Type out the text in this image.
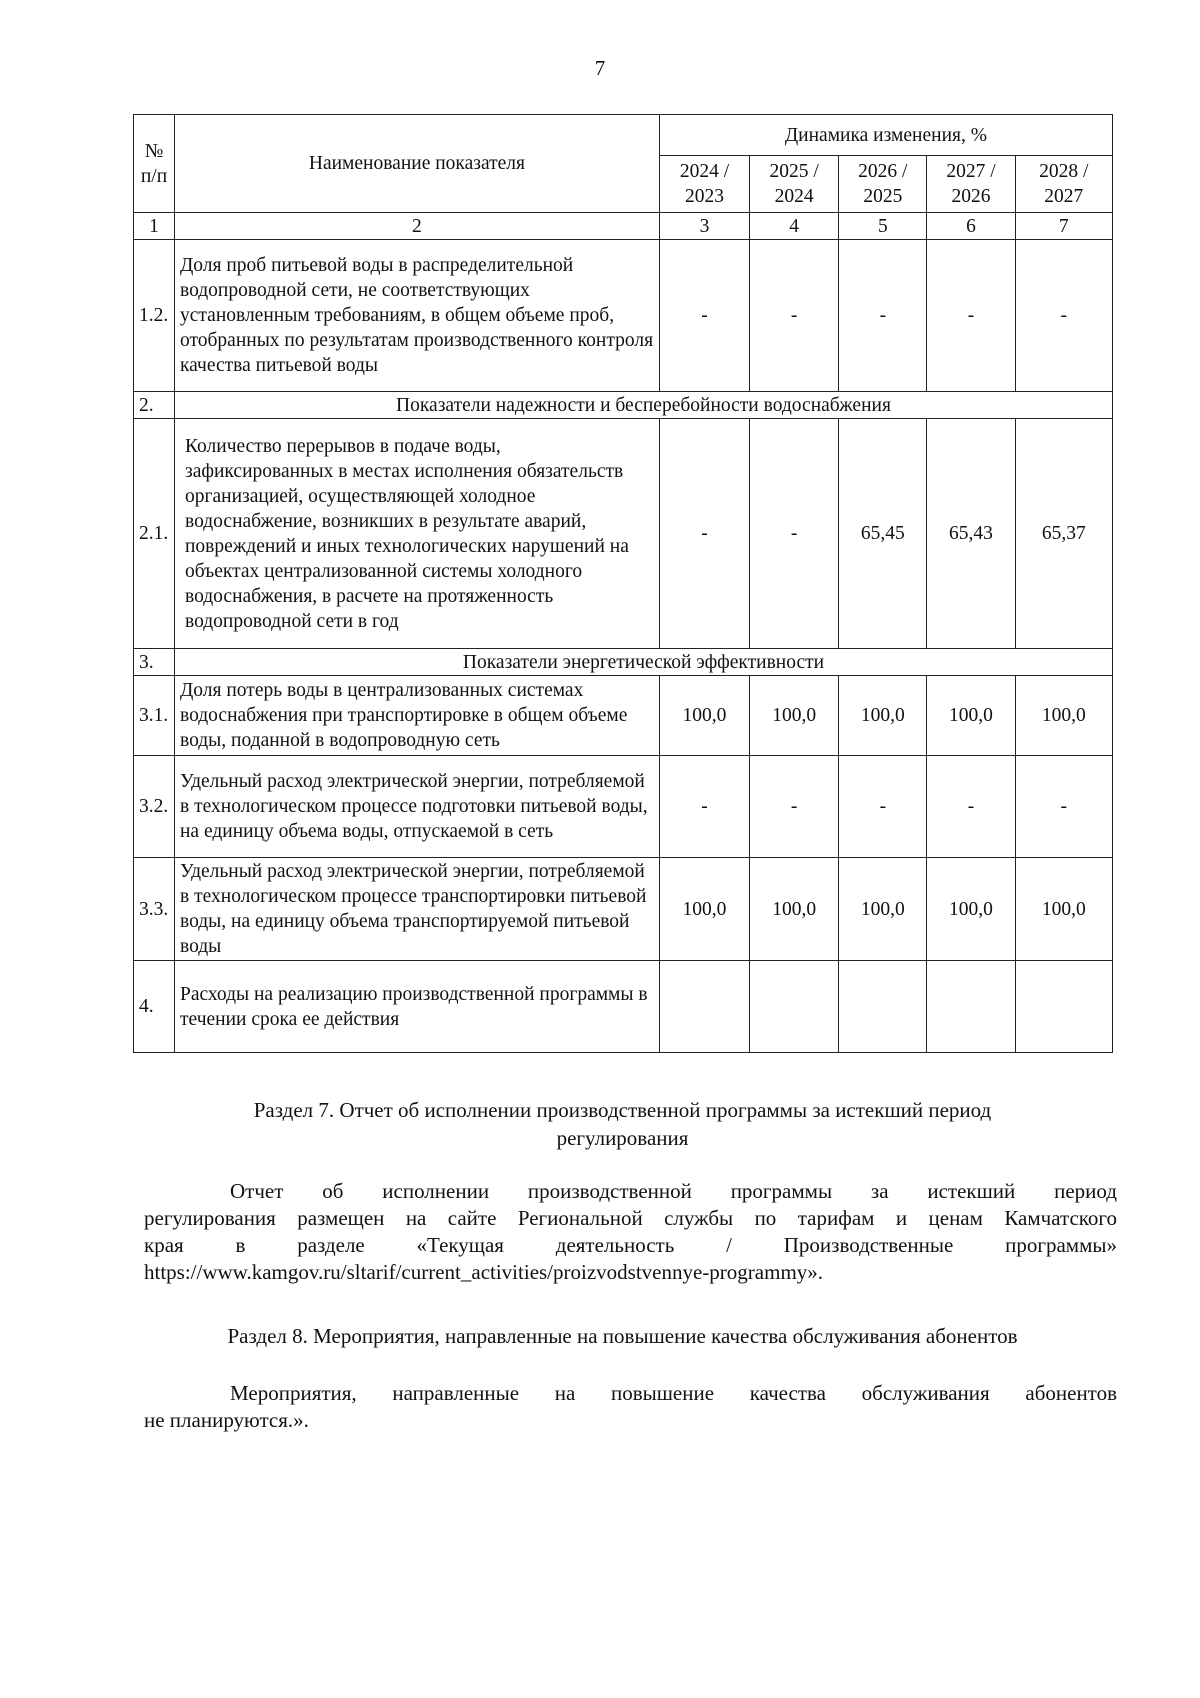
7
№ п/п	Наименование показателя	Динамика изменения, %				
		2024 / 2023	2025 / 2024	2026 / 2025	2027 / 2026	2028 / 2027
1	2	3	4	5	6	7
1.2.	Доля проб питьевой воды в распределительной водопроводной сети, не соответствующих установленным требованиям, в общем объеме проб, отобранных по результатам производственного контроля качества питьевой воды	-	-	-	-	-
2.	Показатели надежности и бесперебойности водоснабжения					
2.1.	Количество перерывов в подаче воды, зафиксированных в местах исполнения обязательств организацией, осуществляющей холодное водоснабжение, возникших в результате аварий, повреждений и иных технологических нарушений на объектах централизованной системы холодного водоснабжения, в расчете на протяженность водопроводной сети в год	-	-	65,45	65,43	65,37
3.	Показатели энергетической эффективности					
3.1.	Доля потерь воды в централизованных системах водоснабжения при транспортировке в общем объеме воды, поданной в водопроводную сеть	100,0	100,0	100,0	100,0	100,0
3.2.	Удельный расход электрической энергии, потребляемой в технологическом процессе подготовки питьевой воды, на единицу объема воды, отпускаемой в сеть	-	-	-	-	-
3.3.	Удельный расход электрической энергии, потребляемой в технологическом процессе транспортировки питьевой воды, на единицу объема транспортируемой питьевой воды	100,0	100,0	100,0	100,0	100,0
4.	Расходы на реализацию производственной программы в течении срока ее действия					
Раздел 7. Отчет об исполнении производственной программы за истекший период
регулирования
Отчет об исполнении производственной программы за истекший период
регулирования размещен на сайте Региональной службы по тарифам и ценам Камчатского
края в разделе «Текущая деятельность / Производственные программы»
https://www.kamgov.ru/sltarif/current_activities/proizvodstvennye-programmy».
Раздел 8. Мероприятия, направленные на повышение качества обслуживания абонентов
Мероприятия, направленные на повышение качества обслуживания абонентов
не планируются.».
